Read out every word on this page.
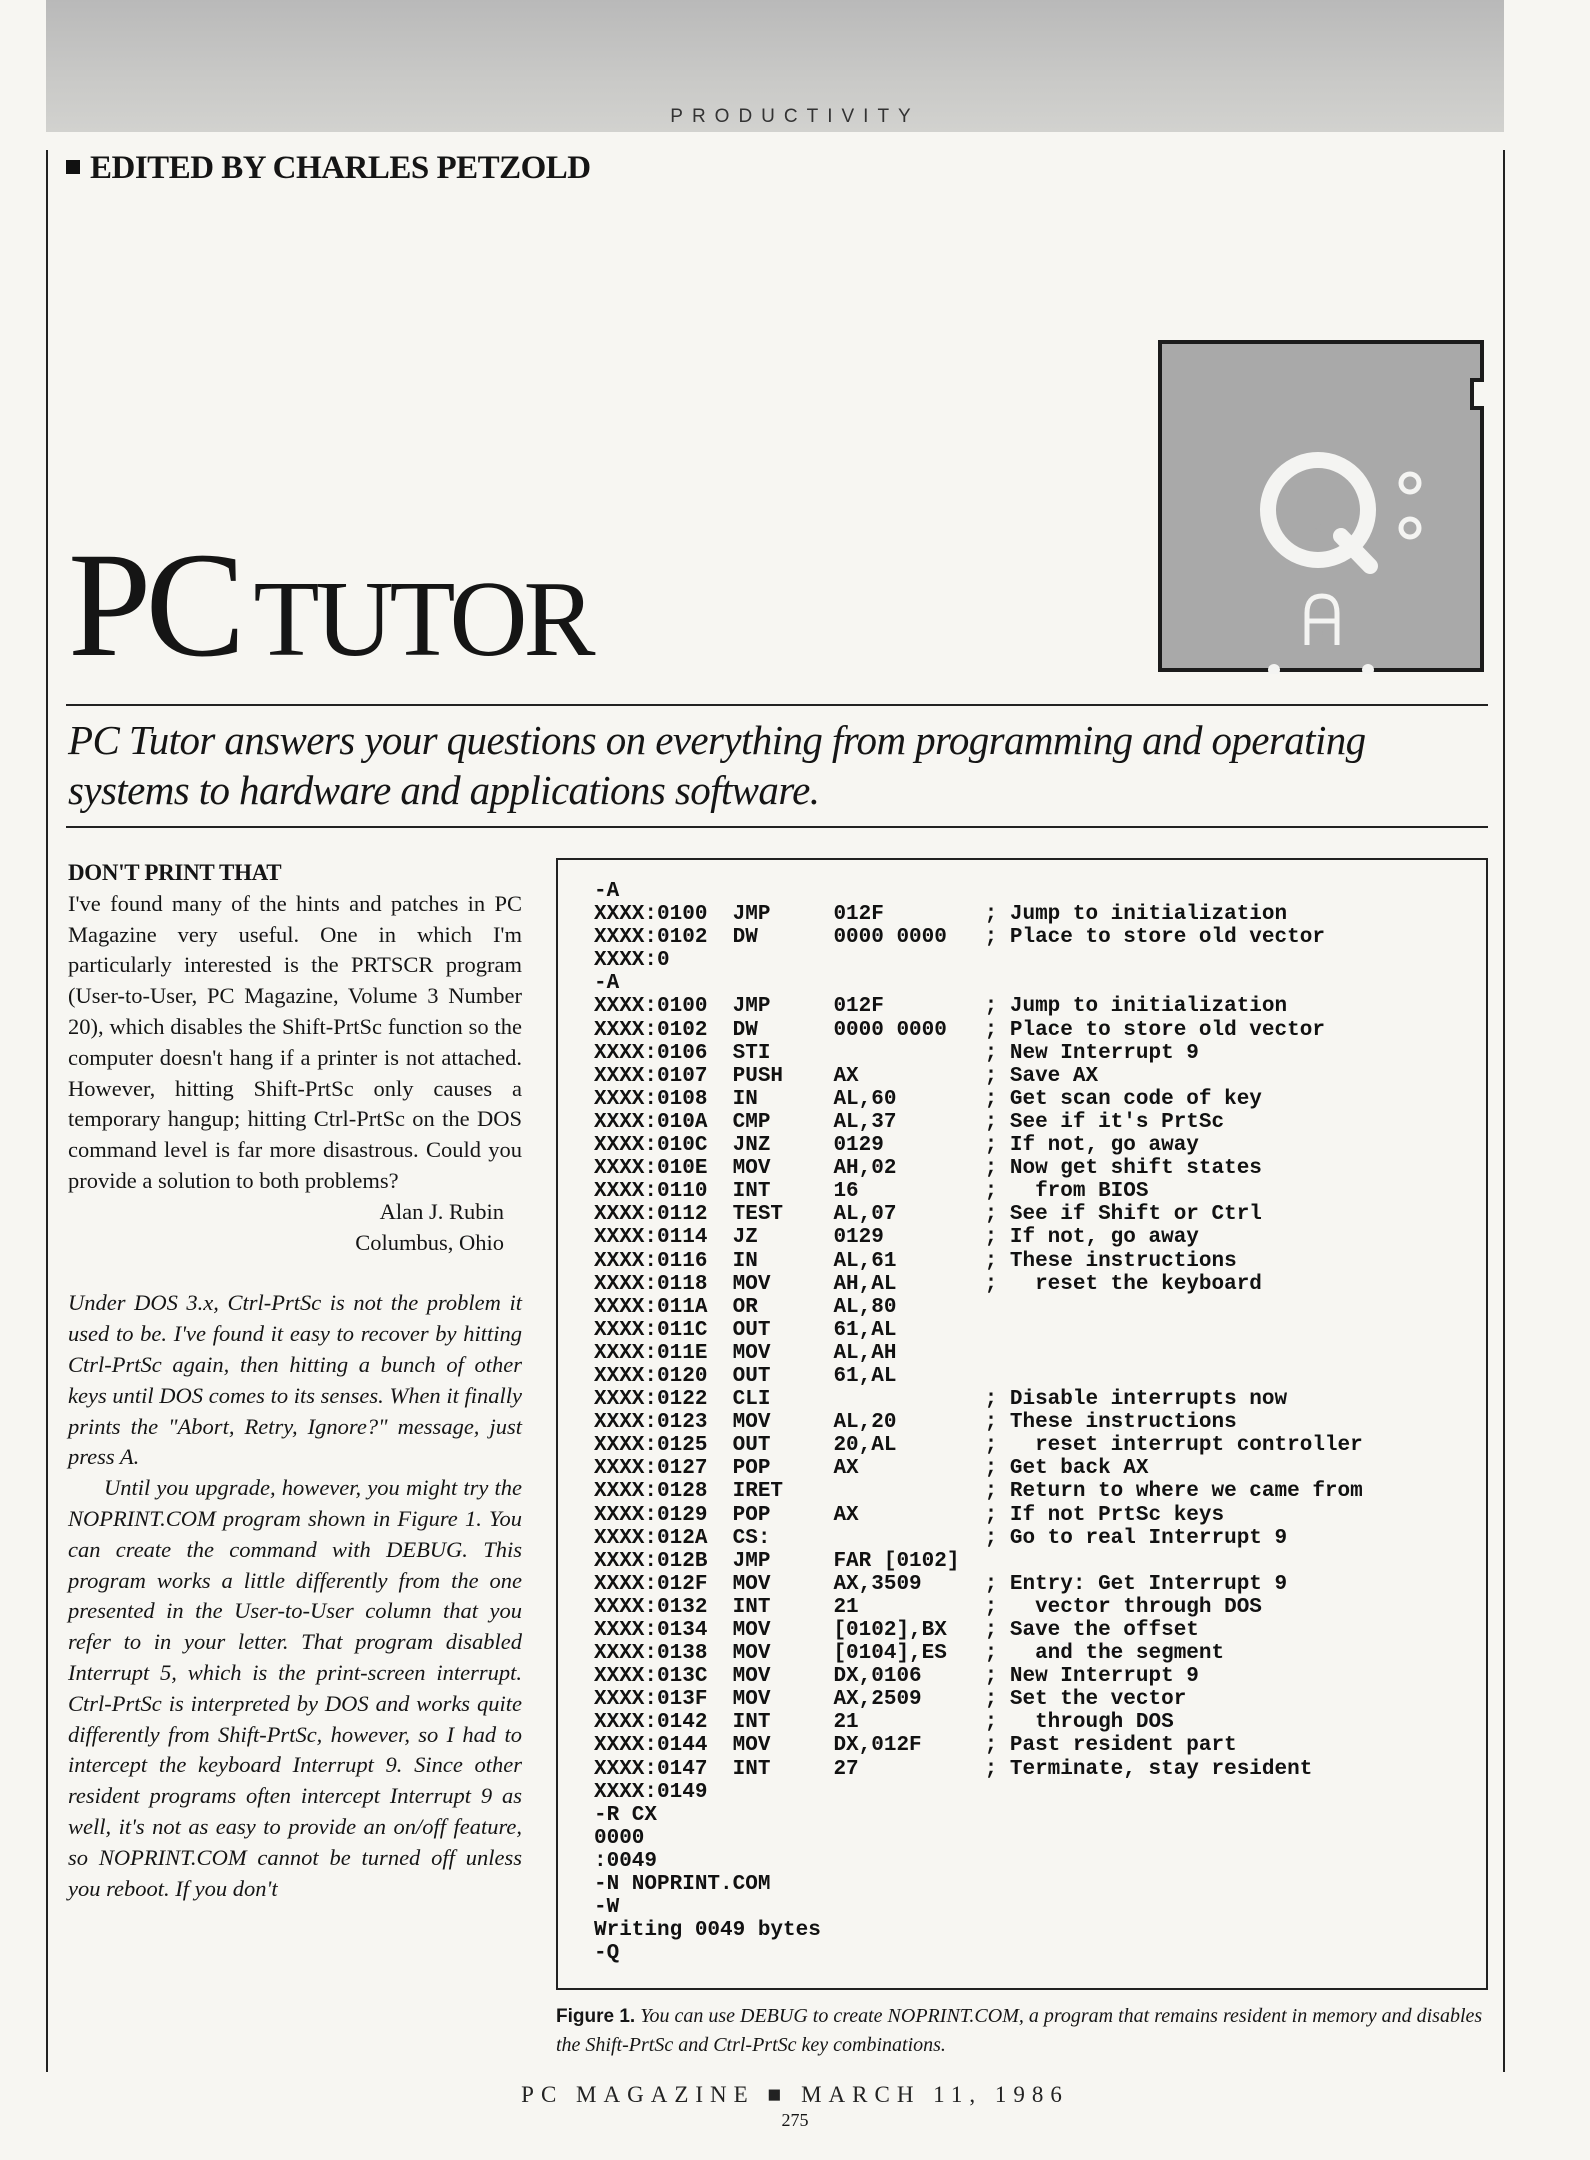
PRODUCTIVITY
EDITED BY CHARLES PETZOLD
PC TUTOR
Q
A
PC Tutor answers your questions on everything from programming and operating systems to hardware and applications software.

DON'T PRINT THAT

I've found many of the hints and patches in PC Magazine very useful. One in which I'm particularly interested is the PRTSCR program (User-to-User, PC Magazine, Volume 3 Number 20), which disables the Shift-PrtSc function so the computer doesn't hang if a printer is not attached. However, hitting Shift-PrtSc only causes a temporary hangup; hitting Ctrl-PrtSc on the DOS command level is far more disastrous. Could you provide a solution to both problems?

Alan J. Rubin

Columbus, Ohio

Under DOS 3.x, Ctrl-PrtSc is not the problem it used to be. I've found it easy to recover by hitting Ctrl-PrtSc again, then hitting a bunch of other keys until DOS comes to its senses. When it finally prints the "Abort, Retry, Ignore?" message, just press A.

Until you upgrade, however, you might try the NOPRINT.COM program shown in Figure 1. You can create the command with DEBUG. This program works a little differently from the one presented in the User-to-User column that you refer to in your letter. That program disabled Interrupt 5, which is the print-screen interrupt. Ctrl-PrtSc is interpreted by DOS and works quite differently from Shift-PrtSc, however, so I had to intercept the keyboard Interrupt 9. Since other resident programs often intercept Interrupt 9 as well, it's not as easy to provide an on/off feature, so NOPRINT.COM cannot be turned off unless you reboot. If you don't

-A
XXXX:0100  JMP     012F        ; Jump to initialization
XXXX:0102  DW      0000 0000   ; Place to store old vector
XXXX:0
-A
XXXX:0100  JMP     012F        ; Jump to initialization
XXXX:0102  DW      0000 0000   ; Place to store old vector
XXXX:0106  STI                 ; New Interrupt 9
XXXX:0107  PUSH    AX          ; Save AX
XXXX:0108  IN      AL,60       ; Get scan code of key
XXXX:010A  CMP     AL,37       ; See if it's PrtSc
XXXX:010C  JNZ     0129        ; If not, go away
XXXX:010E  MOV     AH,02       ; Now get shift states
XXXX:0110  INT     16          ;   from BIOS
XXXX:0112  TEST    AL,07       ; See if Shift or Ctrl
XXXX:0114  JZ      0129        ; If not, go away
XXXX:0116  IN      AL,61       ; These instructions
XXXX:0118  MOV     AH,AL       ;   reset the keyboard
XXXX:011A  OR      AL,80
XXXX:011C  OUT     61,AL
XXXX:011E  MOV     AL,AH
XXXX:0120  OUT     61,AL
XXXX:0122  CLI                 ; Disable interrupts now
XXXX:0123  MOV     AL,20       ; These instructions
XXXX:0125  OUT     20,AL       ;   reset interrupt controller
XXXX:0127  POP     AX          ; Get back AX
XXXX:0128  IRET                ; Return to where we came from
XXXX:0129  POP     AX          ; If not PrtSc keys
XXXX:012A  CS:                 ; Go to real Interrupt 9
XXXX:012B  JMP     FAR [0102]
XXXX:012F  MOV     AX,3509     ; Entry: Get Interrupt 9
XXXX:0132  INT     21          ;   vector through DOS
XXXX:0134  MOV     [0102],BX   ; Save the offset
XXXX:0138  MOV     [0104],ES   ;   and the segment
XXXX:013C  MOV     DX,0106     ; New Interrupt 9
XXXX:013F  MOV     AX,2509     ; Set the vector
XXXX:0142  INT     21          ;   through DOS
XXXX:0144  MOV     DX,012F     ; Past resident part
XXXX:0147  INT     27          ; Terminate, stay resident
XXXX:0149
-R CX
0000
:0049
-N NOPRINT.COM
-W
Writing 0049 bytes
-Q

Figure 1. You can use DEBUG to create NOPRINT.COM, a program that remains resident in memory and disables the Shift-PrtSc and Ctrl-PrtSc key combinations.
PC MAGAZINE ■ MARCH 11, 1986
275
